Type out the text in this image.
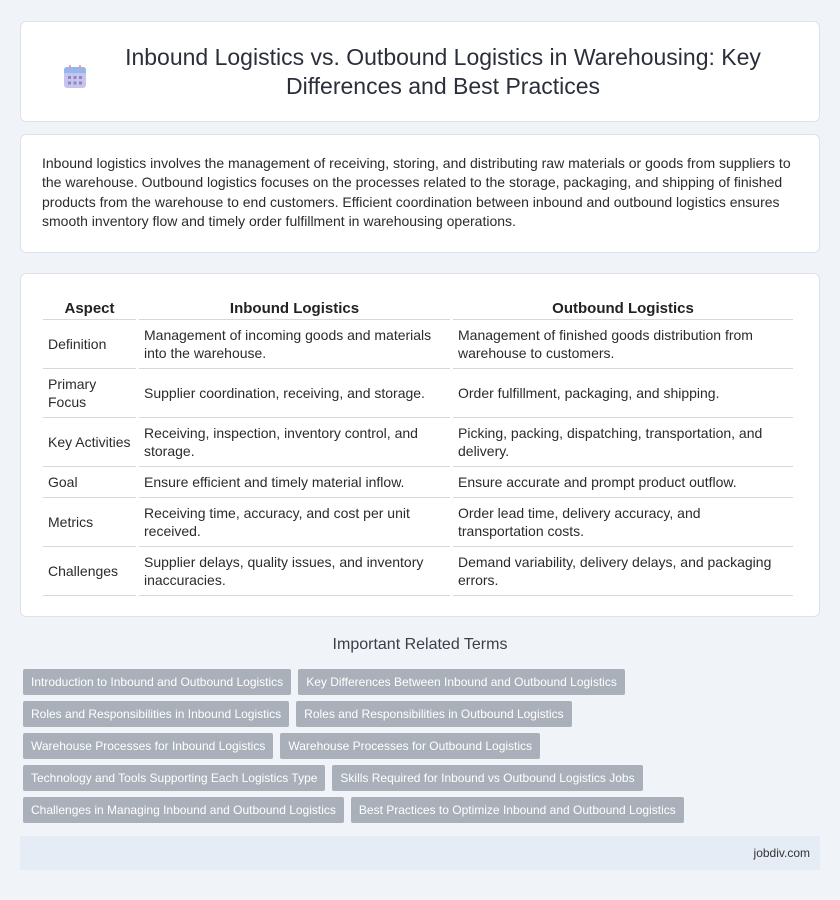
Inbound Logistics vs. Outbound Logistics in Warehousing: Key Differences and Best Practices

Inbound logistics involves the management of receiving, storing, and distributing raw materials or goods from suppliers to the warehouse. Outbound logistics focuses on the processes related to the storage, packaging, and shipping of finished products from the warehouse to end customers. Efficient coordination between inbound and outbound logistics ensures smooth inventory flow and timely order fulfillment in warehousing operations.

Aspect	Inbound Logistics	Outbound Logistics
Definition	Management of incoming goods and materials into the warehouse.	Management of finished goods distribution from warehouse to customers.
Primary Focus	Supplier coordination, receiving, and storage.	Order fulfillment, packaging, and shipping.
Key Activities	Receiving, inspection, inventory control, and storage.	Picking, packing, dispatching, transportation, and delivery.
Goal	Ensure efficient and timely material inflow.	Ensure accurate and prompt product outflow.
Metrics	Receiving time, accuracy, and cost per unit received.	Order lead time, delivery accuracy, and transportation costs.
Challenges	Supplier delays, quality issues, and inventory inaccuracies.	Demand variability, delivery delays, and packaging errors.
Important Related Terms
Introduction to Inbound and Outbound Logistics	Key Differences Between Inbound and Outbound Logistics
Roles and Responsibilities in Inbound Logistics	Roles and Responsibilities in Outbound Logistics
Warehouse Processes for Inbound Logistics	Warehouse Processes for Outbound Logistics
Technology and Tools Supporting Each Logistics Type	Skills Required for Inbound vs Outbound Logistics Jobs
Challenges in Managing Inbound and Outbound Logistics	Best Practices to Optimize Inbound and Outbound Logistics
jobdiv.com
